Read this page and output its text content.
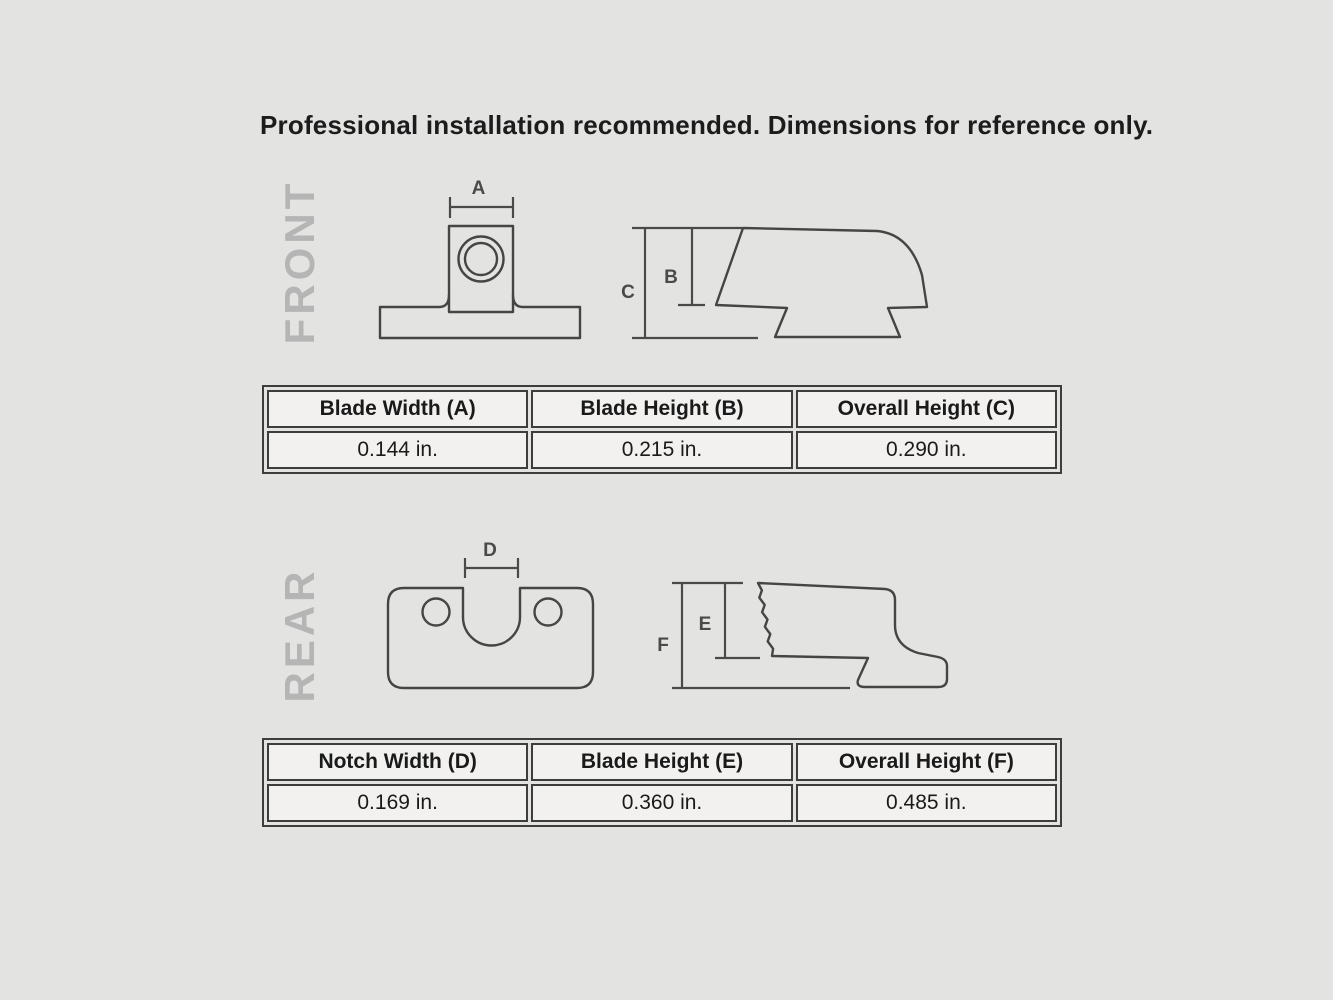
Professional installation recommended. Dimensions for reference only.
FRONT	A
C
B
Blade Width (A)	Blade Height (B)	Overall Height (C)
0.144 in.	0.215 in.	0.290 in.
REAR
D
F
E
Notch Width (D)	Blade Height (E)	Overall Height (F)
0.169 in.	0.360 in.	0.485 in.
